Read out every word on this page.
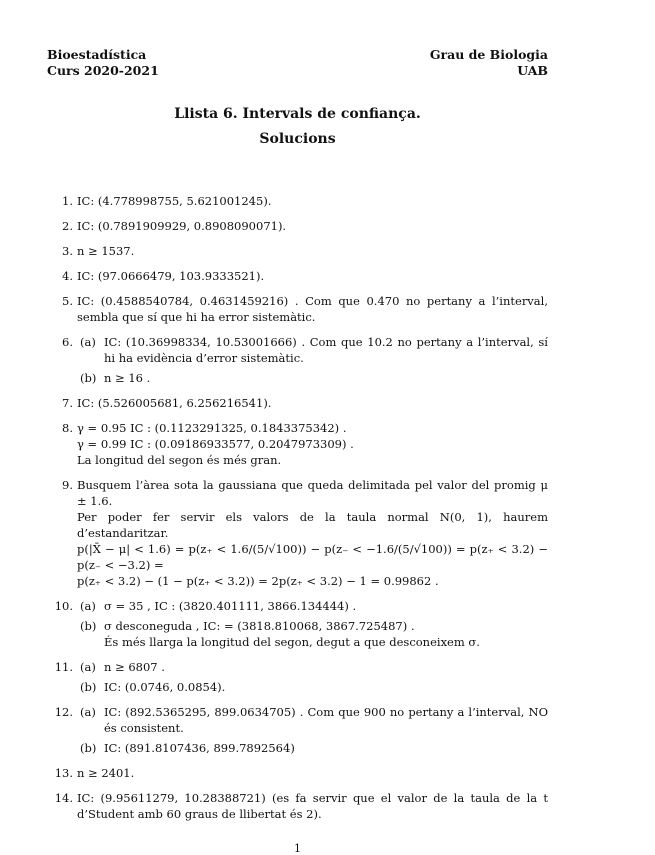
Bioestadística
Curs 2020-2021
Grau de Biologia
UAB
Llista 6. Intervals de confiança.
Solucions
1. IC: (4.778998755, 5.621001245).
2. IC: (0.7891909929, 0.8908090071).
3. n ≥ 1537.
4. IC: (97.0666479, 103.9333521).
5. IC: (0.4588540784, 0.4631459216) . Com que 0.470 no pertany a l’interval, sembla que sí que hi ha error sistemàtic.
6. (a) IC: (10.36998334, 10.53001666) . Com que 10.2 no pertany a l’interval, sí hi ha evidència d’error sistemàtic.
(b) n ≥ 16 .
7. IC: (5.526005681, 6.256216541).
8. γ = 0.95 IC : (0.1123291325, 0.1843375342) .
γ = 0.99 IC : (0.09186933577, 0.2047973309) .
La longitud del segon és més gran.
9. Busquem l’àrea sota la gaussiana que queda delimitada pel valor del promig μ ± 1.6.
Per poder fer servir els valors de la taula normal N(0, 1), haurem d’estandaritzar.
p(|X̄ − μ| < 1.6) = p(z₊ < 1.6/(5/√100)) − p(z₋ < −1.6/(5/√100)) = p(z₊ < 3.2) − p(z₋ < −3.2) =
p(z₊ < 3.2) − (1 − p(z₊ < 3.2)) = 2p(z₊ < 3.2) − 1 = 0.99862 .
10. (a) σ = 35 , IC : (3820.401111, 3866.134444) .
(b) σ desconeguda , IC: = (3818.810068, 3867.725487) .
És més llarga la longitud del segon, degut a que desconeixem σ.
11. (a) n ≥ 6807 .
(b) IC: (0.0746, 0.0854).
12. (a) IC: (892.5365295, 899.0634705) . Com que 900 no pertany a l’interval, NO és consistent.
(b) IC: (891.8107436, 899.7892564)
13. n ≥ 2401.
14. IC: (9.95611279, 10.28388721) (es fa servir que el valor de la taula de la t d’Student amb 60 graus de llibertat és 2).
1
